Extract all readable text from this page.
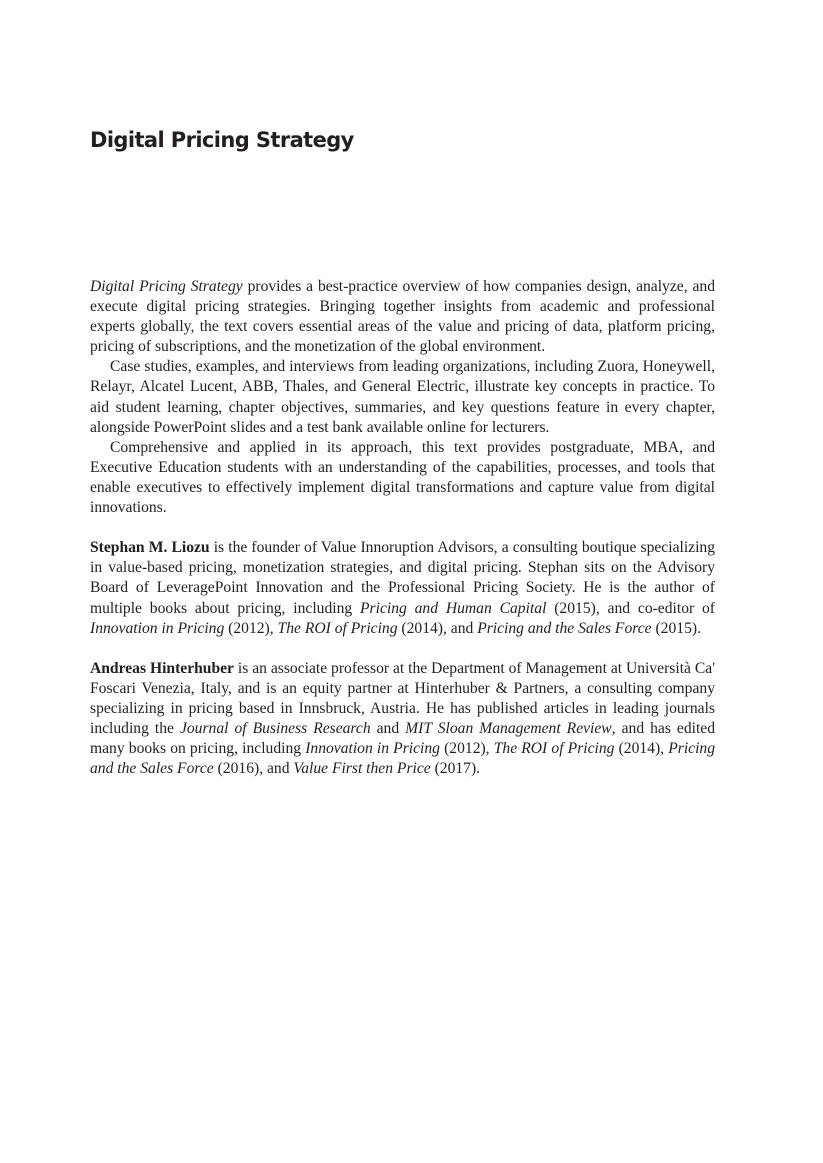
Digital Pricing Strategy

Digital Pricing Strategy provides a best-practice overview of how companies design, analyze, and execute digital pricing strategies. Bringing together insights from academic and professional experts globally, the text covers essential areas of the value and pricing of data, platform pricing, pricing of subscriptions, and the monetization of the global environment.

Case studies, examples, and interviews from leading organizations, including Zuora, Honeywell, Relayr, Alcatel Lucent, ABB, Thales, and General Electric, illustrate key concepts in practice. To aid student learning, chapter objectives, summaries, and key questions feature in every chapter, alongside PowerPoint slides and a test bank available online for lecturers.

Comprehensive and applied in its approach, this text provides postgraduate, MBA, and Executive Education students with an understanding of the capabilities, processes, and tools that enable executives to effectively implement digital transformations and capture value from digital innovations.

Stephan M. Liozu is the founder of Value Innoruption Advisors, a consulting boutique specializing in value-based pricing, monetization strategies, and digital pricing. Stephan sits on the Advisory Board of LeveragePoint Innovation and the Professional Pricing Society. He is the author of multiple books about pricing, including Pricing and Human Capital (2015), and co-editor of Innovation in Pricing (2012), The ROI of Pricing (2014), and Pricing and the Sales Force (2015).

Andreas Hinterhuber is an associate professor at the Department of Management at Università Ca' Foscari Venezia, Italy, and is an equity partner at Hinterhuber & Partners, a consulting company specializing in pricing based in Innsbruck, Austria. He has published articles in leading journals including the Journal of Business Research and MIT Sloan Management Review, and has edited many books on pricing, including Innovation in Pricing (2012), The ROI of Pricing (2014), Pricing and the Sales Force (2016), and Value First then Price (2017).
